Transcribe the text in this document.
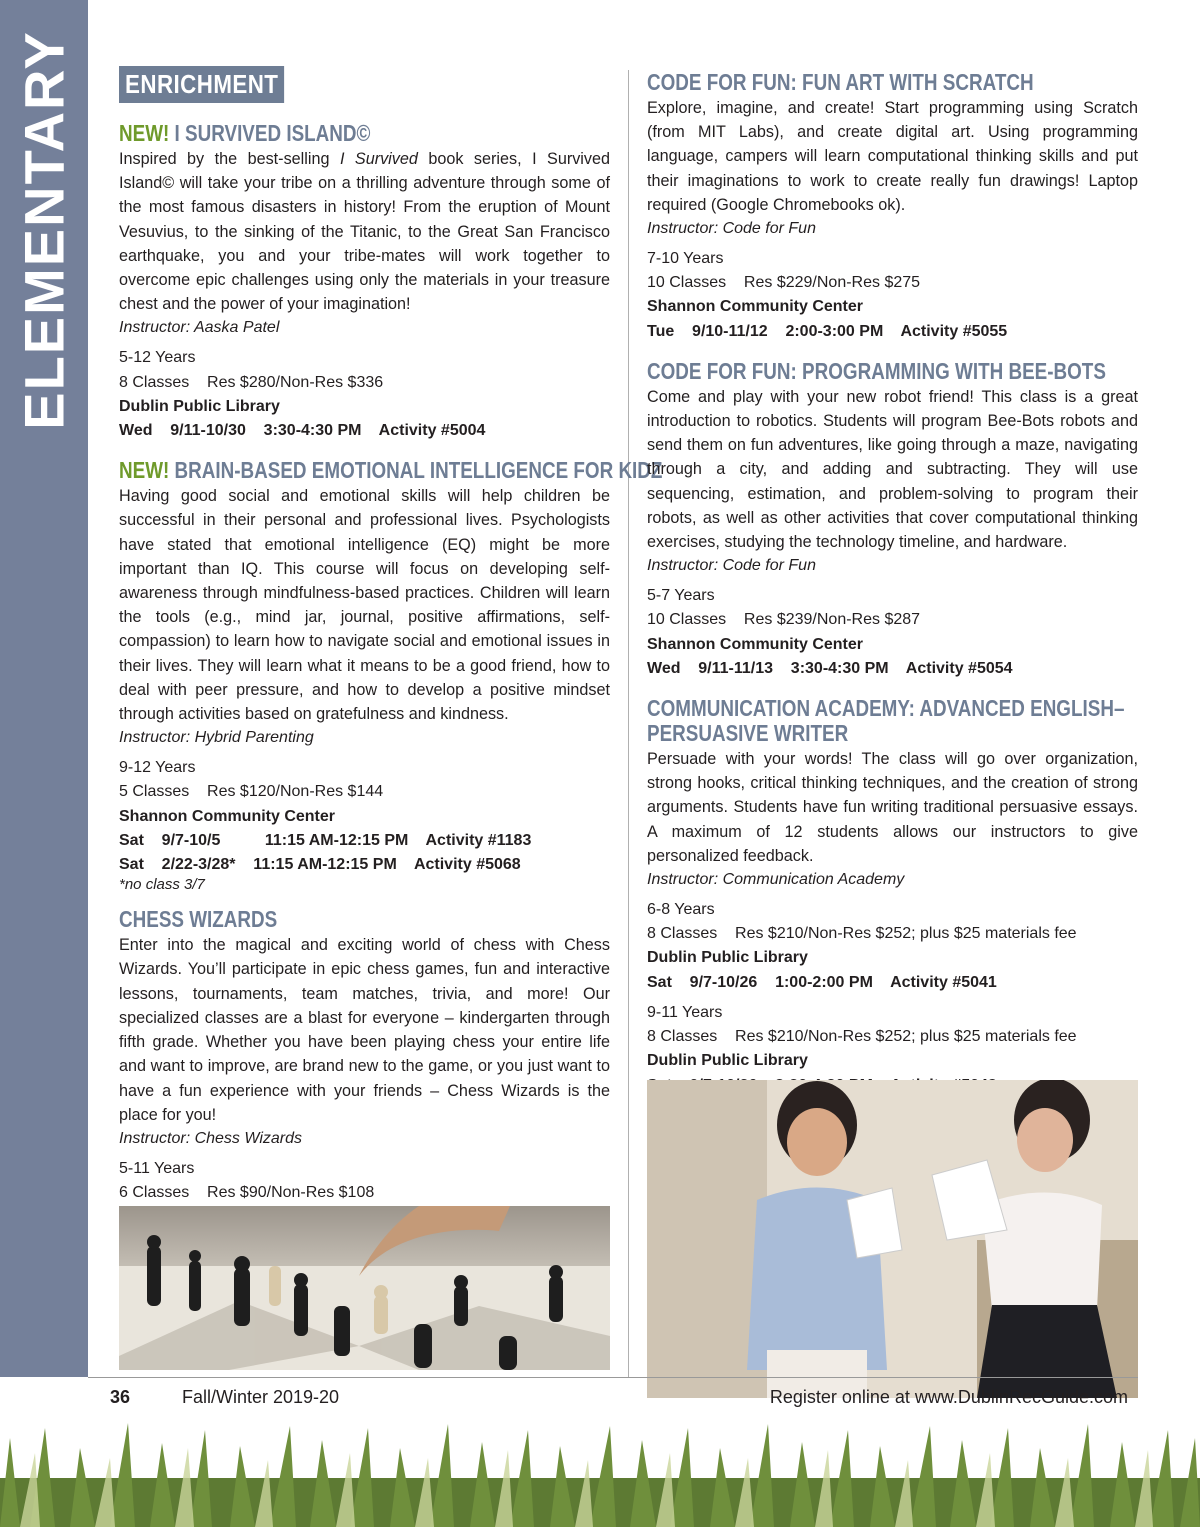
ELEMENTARY ENRICHMENT
NEW! I SURVIVED ISLAND©

Inspired by the best-selling I Survived book series, I Survived Island© will take your tribe on a thrilling adventure through some of the most famous disasters in history! From the eruption of Mount Vesuvius, to the sinking of the Titanic, to the Great San Francisco earthquake, you and your tribe-mates will work together to overcome epic challenges using only the materials in your treasure chest and the power of your imagination!

Instructor: Aaska Patel
5-12 Years
8 Classes    Res $280/Non-Res $336
Dublin Public Library
Wed    9/11-10/30    3:30-4:30 PM    Activity #5004
NEW! BRAIN-BASED EMOTIONAL INTELLIGENCE FOR KIDZ

Having good social and emotional skills will help children be successful in their personal and professional lives. Psychologists have stated that emotional intelligence (EQ) might be more important than IQ. This course will focus on developing self-awareness through mindfulness-based practices. Children will learn the tools (e.g., mind jar, journal, positive affirmations, self-compassion) to learn how to navigate social and emotional issues in their lives. They will learn what it means to be a good friend, how to deal with peer pressure, and how to develop a positive mindset through activities based on gratefulness and kindness.

Instructor: Hybrid Parenting
9-12 Years
5 Classes    Res $120/Non-Res $144
Shannon Community Center
Sat    9/7-10/5          11:15 AM-12:15 PM    Activity #1183
Sat    2/22-3/28*    11:15 AM-12:15 PM    Activity #5068
*no class 3/7
CHESS WIZARDS

Enter into the magical and exciting world of chess with Chess Wizards. You’ll participate in epic chess games, fun and interactive lessons, tournaments, team matches, trivia, and more! Our specialized classes are a blast for everyone – kindergarten through fifth grade. Whether you have been playing chess your entire life and want to improve, are brand new to the game, or you just want to have a fun experience with your friends – Chess Wizards is the place for you!

Instructor: Chess Wizards
5-11 Years
6 Classes    Res $90/Non-Res $108
CODE FOR FUN: FUN ART WITH SCRATCH

Explore, imagine, and create! Start programming using Scratch (from MIT Labs), and create digital art. Using programming language, campers will learn computational thinking skills and put their imaginations to work to create really fun drawings! Laptop required (Google Chromebooks ok).

Instructor: Code for Fun
7-10 Years
10 Classes    Res $229/Non-Res $275
Shannon Community Center
Tue    9/10-11/12    2:00-3:00 PM    Activity #5055
CODE FOR FUN: PROGRAMMING WITH BEE-BOTS

Come and play with your new robot friend! This class is a great introduction to robotics. Students will program Bee-Bots robots and send them on fun adventures, like going through a maze, navigating through a city, and adding and subtracting. They will use sequencing, estimation, and problem-solving to program their robots, as well as other activities that cover computational thinking exercises, studying the technology timeline, and hardware.

Instructor: Code for Fun
5-7 Years
10 Classes    Res $239/Non-Res $287
Shannon Community Center
Wed    9/11-11/13    3:30-4:30 PM    Activity #5054
COMMUNICATION ACADEMY: ADVANCED ENGLISH–
PERSUASIVE WRITER

Persuade with your words! The class will go over organization, strong hooks, critical thinking techniques, and the creation of strong arguments. Students have fun writing traditional persuasive essays. A maximum of 12 students allows our instructors to give personalized feedback.

Instructor: Communication Academy
6-8 Years
8 Classes    Res $210/Non-Res $252; plus $25 materials fee
Dublin Public Library
Sat    9/7-10/26    1:00-2:00 PM    Activity #5041
9-11 Years
8 Classes    Res $210/Non-Res $252; plus $25 materials fee
Dublin Public Library
36	Fall/Winter 2019-20	Register online at www.DublinRecGuide.com
